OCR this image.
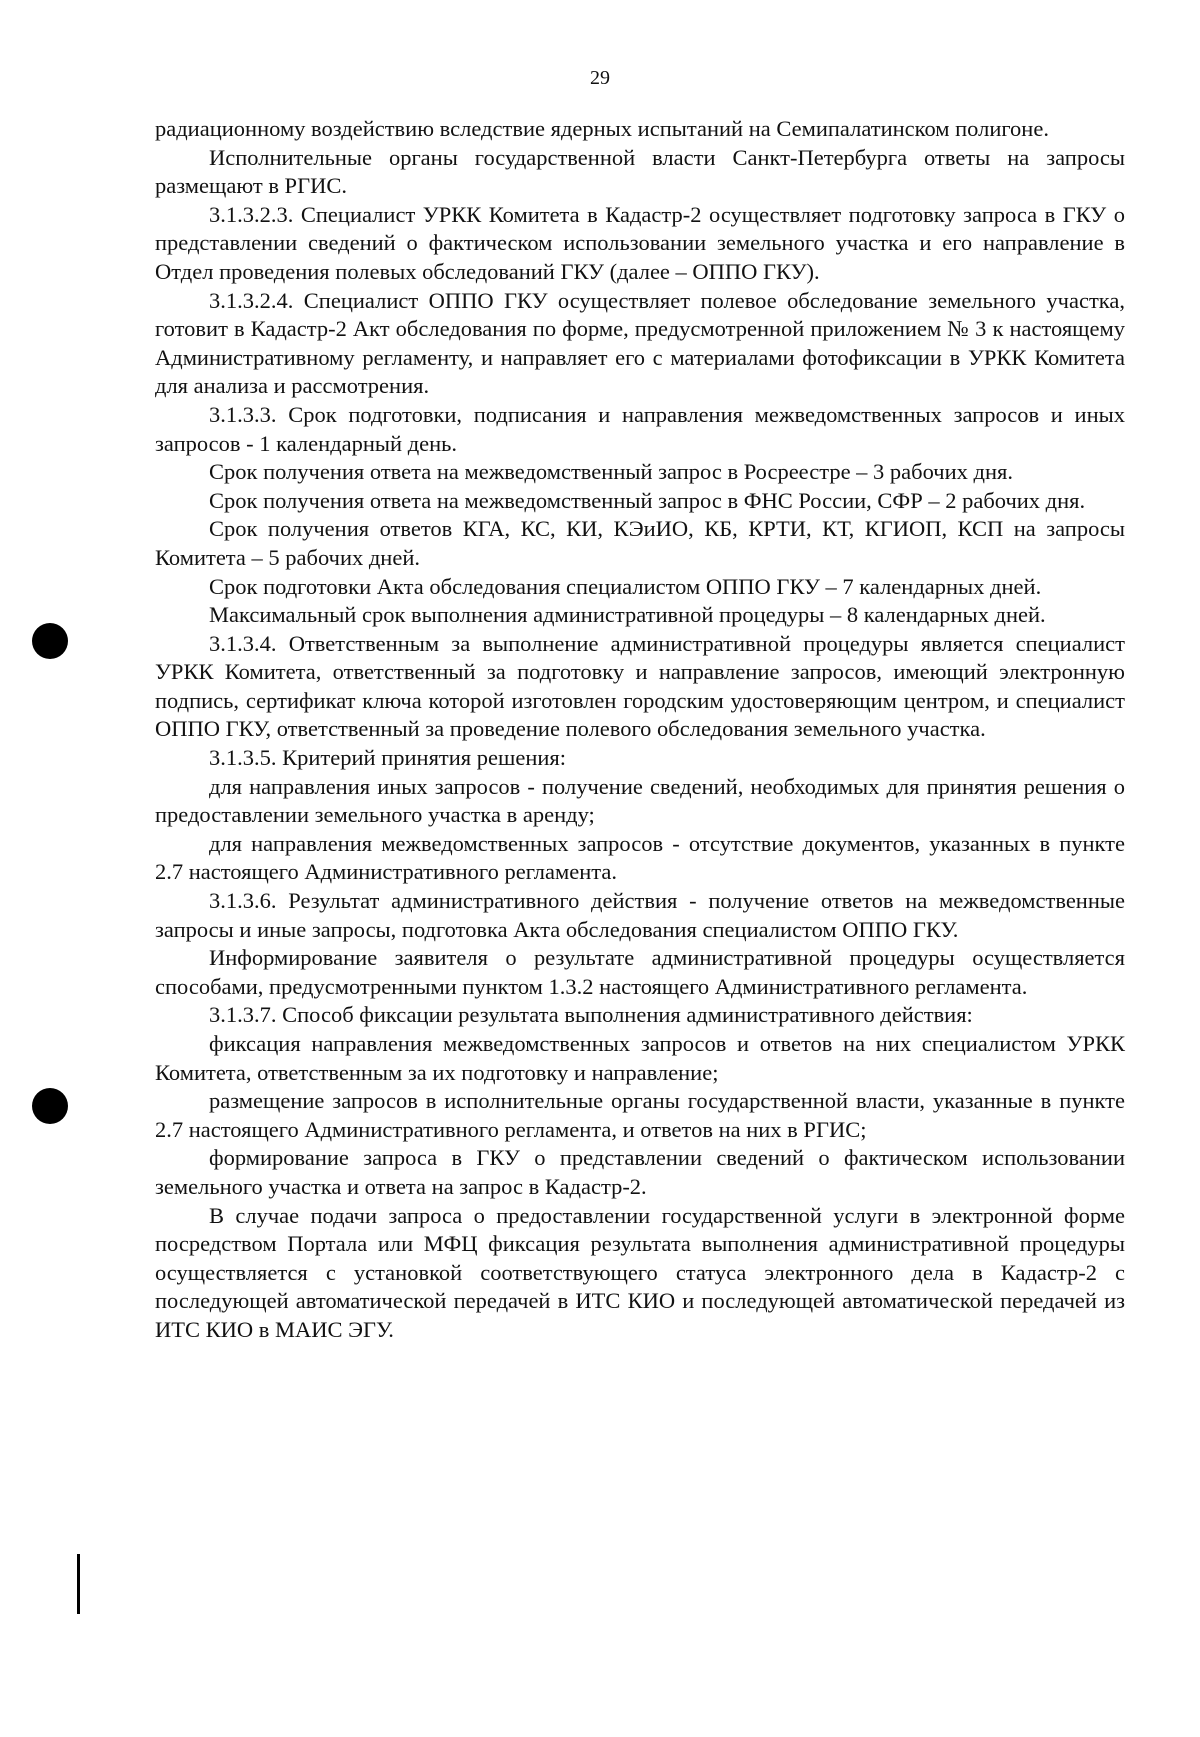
29

радиационному воздействию вследствие ядерных испытаний на Семипалатинском полигоне.

Исполнительные органы государственной власти Санкт-Петербурга ответы на запросы размещают в РГИС.

3.1.3.2.3. Специалист УРКК Комитета в Кадастр-2 осуществляет подготовку запроса в ГКУ о представлении сведений о фактическом использовании земельного участка и его направление в Отдел проведения полевых обследований ГКУ (далее – ОППО ГКУ).

3.1.3.2.4. Специалист ОППО ГКУ осуществляет полевое обследование земельного участка, готовит в Кадастр-2 Акт обследования по форме, предусмотренной приложением № 3 к настоящему Административному регламенту, и направляет его с материалами фотофиксации в УРКК Комитета для анализа и рассмотрения.

3.1.3.3. Срок подготовки, подписания и направления межведомственных запросов и иных запросов - 1 календарный день.

Срок получения ответа на межведомственный запрос в Росреестре – 3 рабочих дня.

Срок получения ответа на межведомственный запрос в ФНС России, СФР – 2 рабочих дня.

Срок получения ответов КГА, КС, КИ, КЭиИО, КБ, КРТИ, КТ, КГИОП, КСП на запросы Комитета – 5 рабочих дней.

Срок подготовки Акта обследования специалистом ОППО ГКУ – 7 календарных дней.

Максимальный срок выполнения административной процедуры – 8 календарных дней.

3.1.3.4. Ответственным за выполнение административной процедуры является специалист УРКК Комитета, ответственный за подготовку и направление запросов, имеющий электронную подпись, сертификат ключа которой изготовлен городским удостоверяющим центром, и специалист ОППО ГКУ, ответственный за проведение полевого обследования земельного участка.

3.1.3.5. Критерий принятия решения:

для направления иных запросов - получение сведений, необходимых для принятия решения о предоставлении земельного участка в аренду;

для направления межведомственных запросов - отсутствие документов, указанных в пункте 2.7 настоящего Административного регламента.

3.1.3.6. Результат административного действия - получение ответов на межведомственные запросы и иные запросы, подготовка Акта обследования специалистом ОППО ГКУ.

Информирование заявителя о результате административной процедуры осуществляется способами, предусмотренными пунктом 1.3.2 настоящего Административного регламента.

3.1.3.7. Способ фиксации результата выполнения административного действия:

фиксация направления межведомственных запросов и ответов на них специалистом УРКК Комитета, ответственным за их подготовку и направление;

размещение запросов в исполнительные органы государственной власти, указанные в пункте 2.7 настоящего Административного регламента, и ответов на них в РГИС;

формирование запроса в ГКУ о представлении сведений о фактическом использовании земельного участка и ответа на запрос в Кадастр-2.

В случае подачи запроса о предоставлении государственной услуги в электронной форме посредством Портала или МФЦ фиксация результата выполнения административной процедуры осуществляется с установкой соответствующего статуса электронного дела в Кадастр-2 с последующей автоматической передачей в ИТС КИО и последующей автоматической передачей из ИТС КИО в МАИС ЭГУ.
